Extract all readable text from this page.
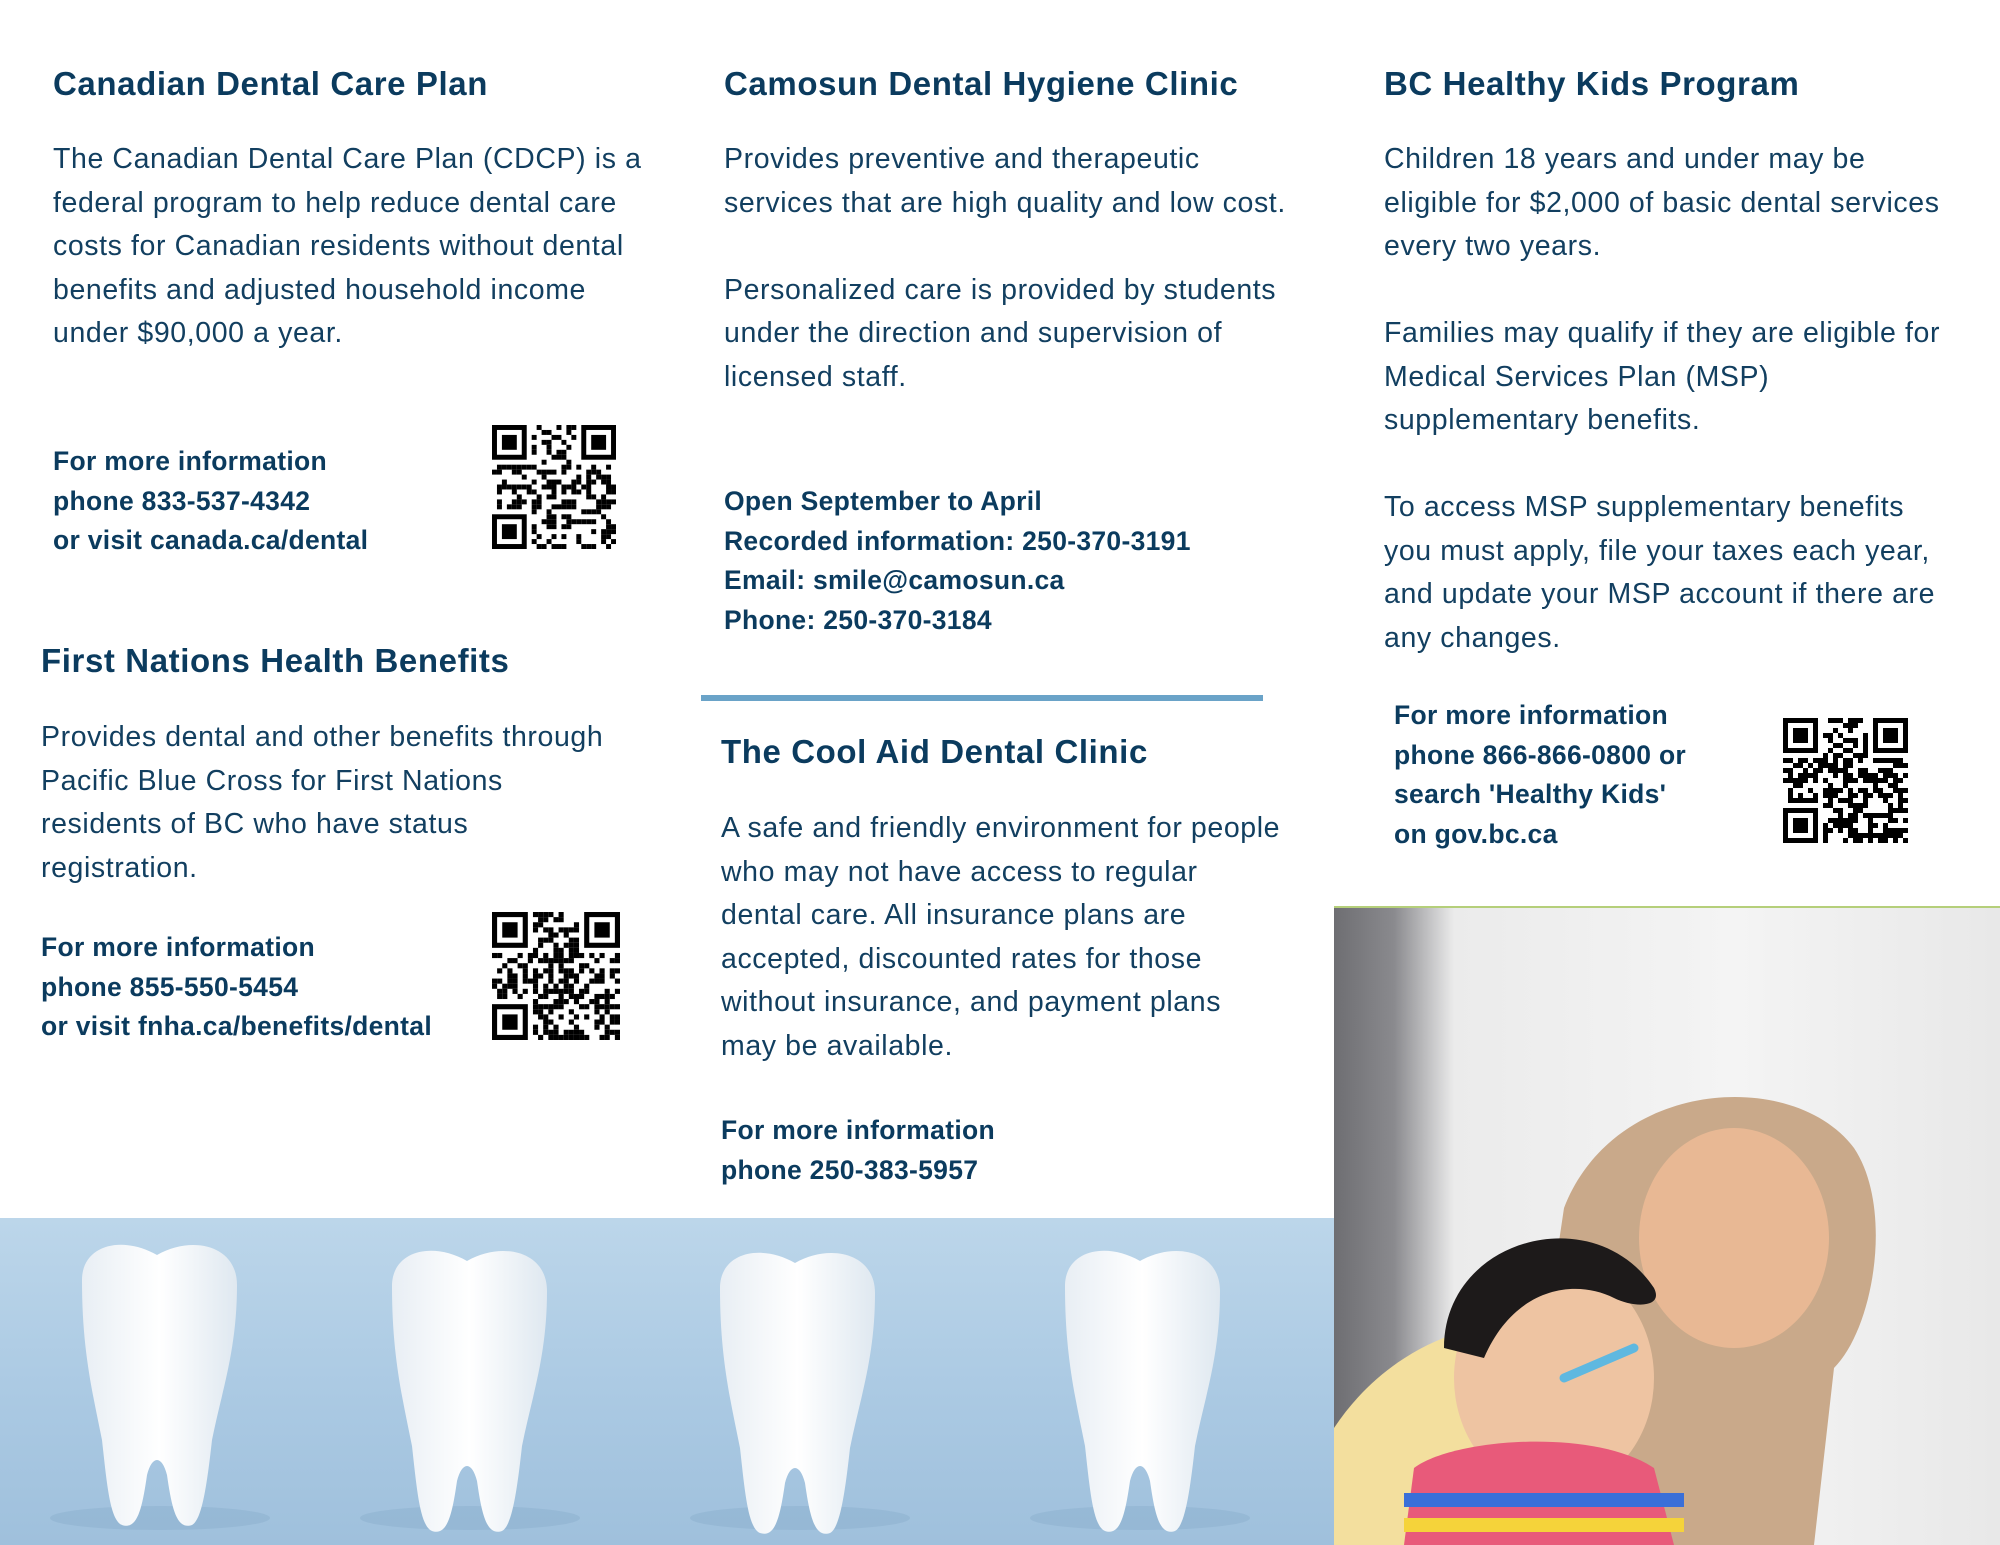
Canadian Dental Care Plan

The Canadian Dental Care Plan (CDCP) is a federal program to help reduce dental care costs for Canadian residents without dental benefits and adjusted household income under $90,000 a year.

For more information
phone 833-537-4342
or visit canada.ca/dental
First Nations Health Benefits

Provides dental and other benefits through Pacific Blue Cross for First Nations residents of BC who have status registration.

For more information
phone 855-550-5454
or visit fnha.ca/benefits/dental
Camosun Dental Hygiene Clinic

Provides preventive and therapeutic services that are high quality and low cost.

Personalized care is provided by students under the direction and supervision of licensed staff.

Open September to April
Recorded information: 250-370-3191
Email: smile@camosun.ca
Phone: 250-370-3184
The Cool Aid Dental Clinic

A safe and friendly environment for people who may not have access to regular dental care. All insurance plans are accepted, discounted rates for those without insurance, and payment plans may be available.

For more information
phone 250-383-5957
BC Healthy Kids Program

Children 18 years and under may be eligible for $2,000 of basic dental services every two years.

Families may qualify if they are eligible for Medical Services Plan (MSP) supplementary benefits.

To access MSP supplementary benefits you must apply, file your taxes each year, and update your MSP account if there are any changes.

For more information
phone 866-866-0800 or
search 'Healthy Kids'
on gov.bc.ca
